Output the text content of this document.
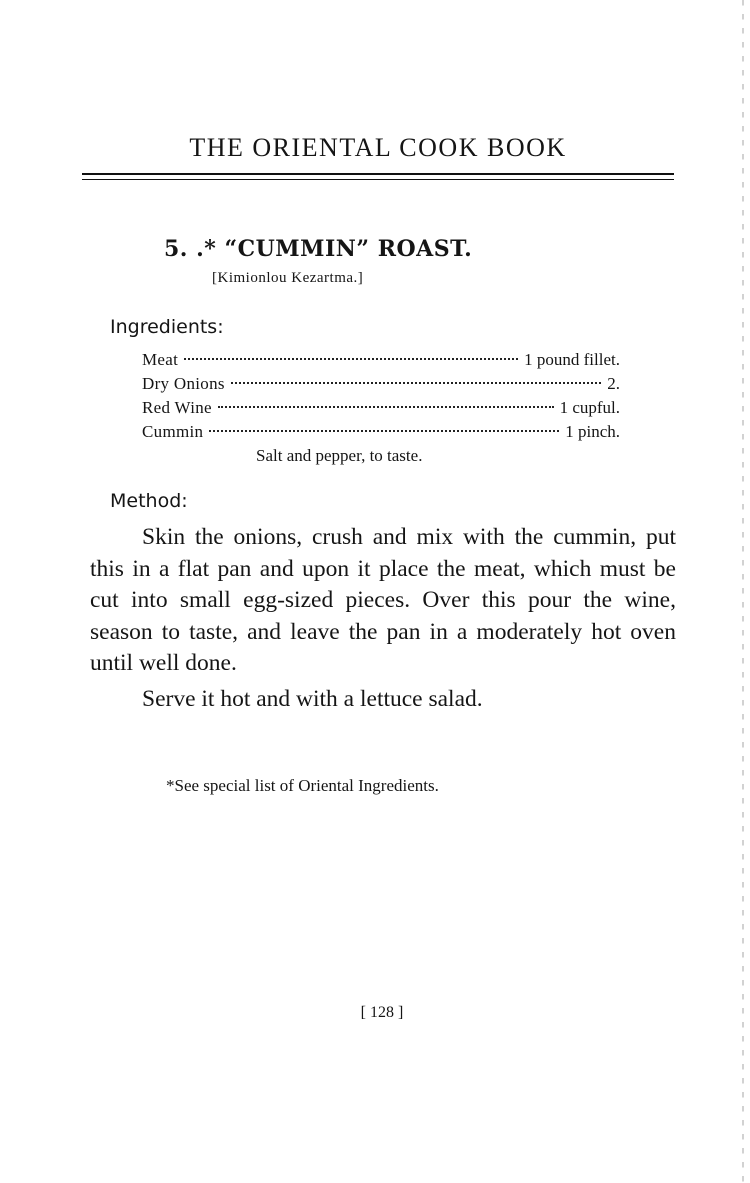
THE ORIENTAL COOK BOOK
5. .* “CUMMIN” ROAST.
[Kimionlou Kezartma.]
Ingredients:
Meat	1 pound fillet.
Dry Onions	2.
Red Wine	1 cupful.
Cummin	1 pinch.
Salt and pepper, to taste.
Method:

Skin the onions, crush and mix with the cummin, put this in a flat pan and upon it place the meat, which must be cut into small egg-sized pieces. Over this pour the wine, season to taste, and leave the pan in a moderately hot oven until well done.

Serve it hot and with a lettuce salad.

*See special list of Oriental Ingredients.
[ 128 ]
